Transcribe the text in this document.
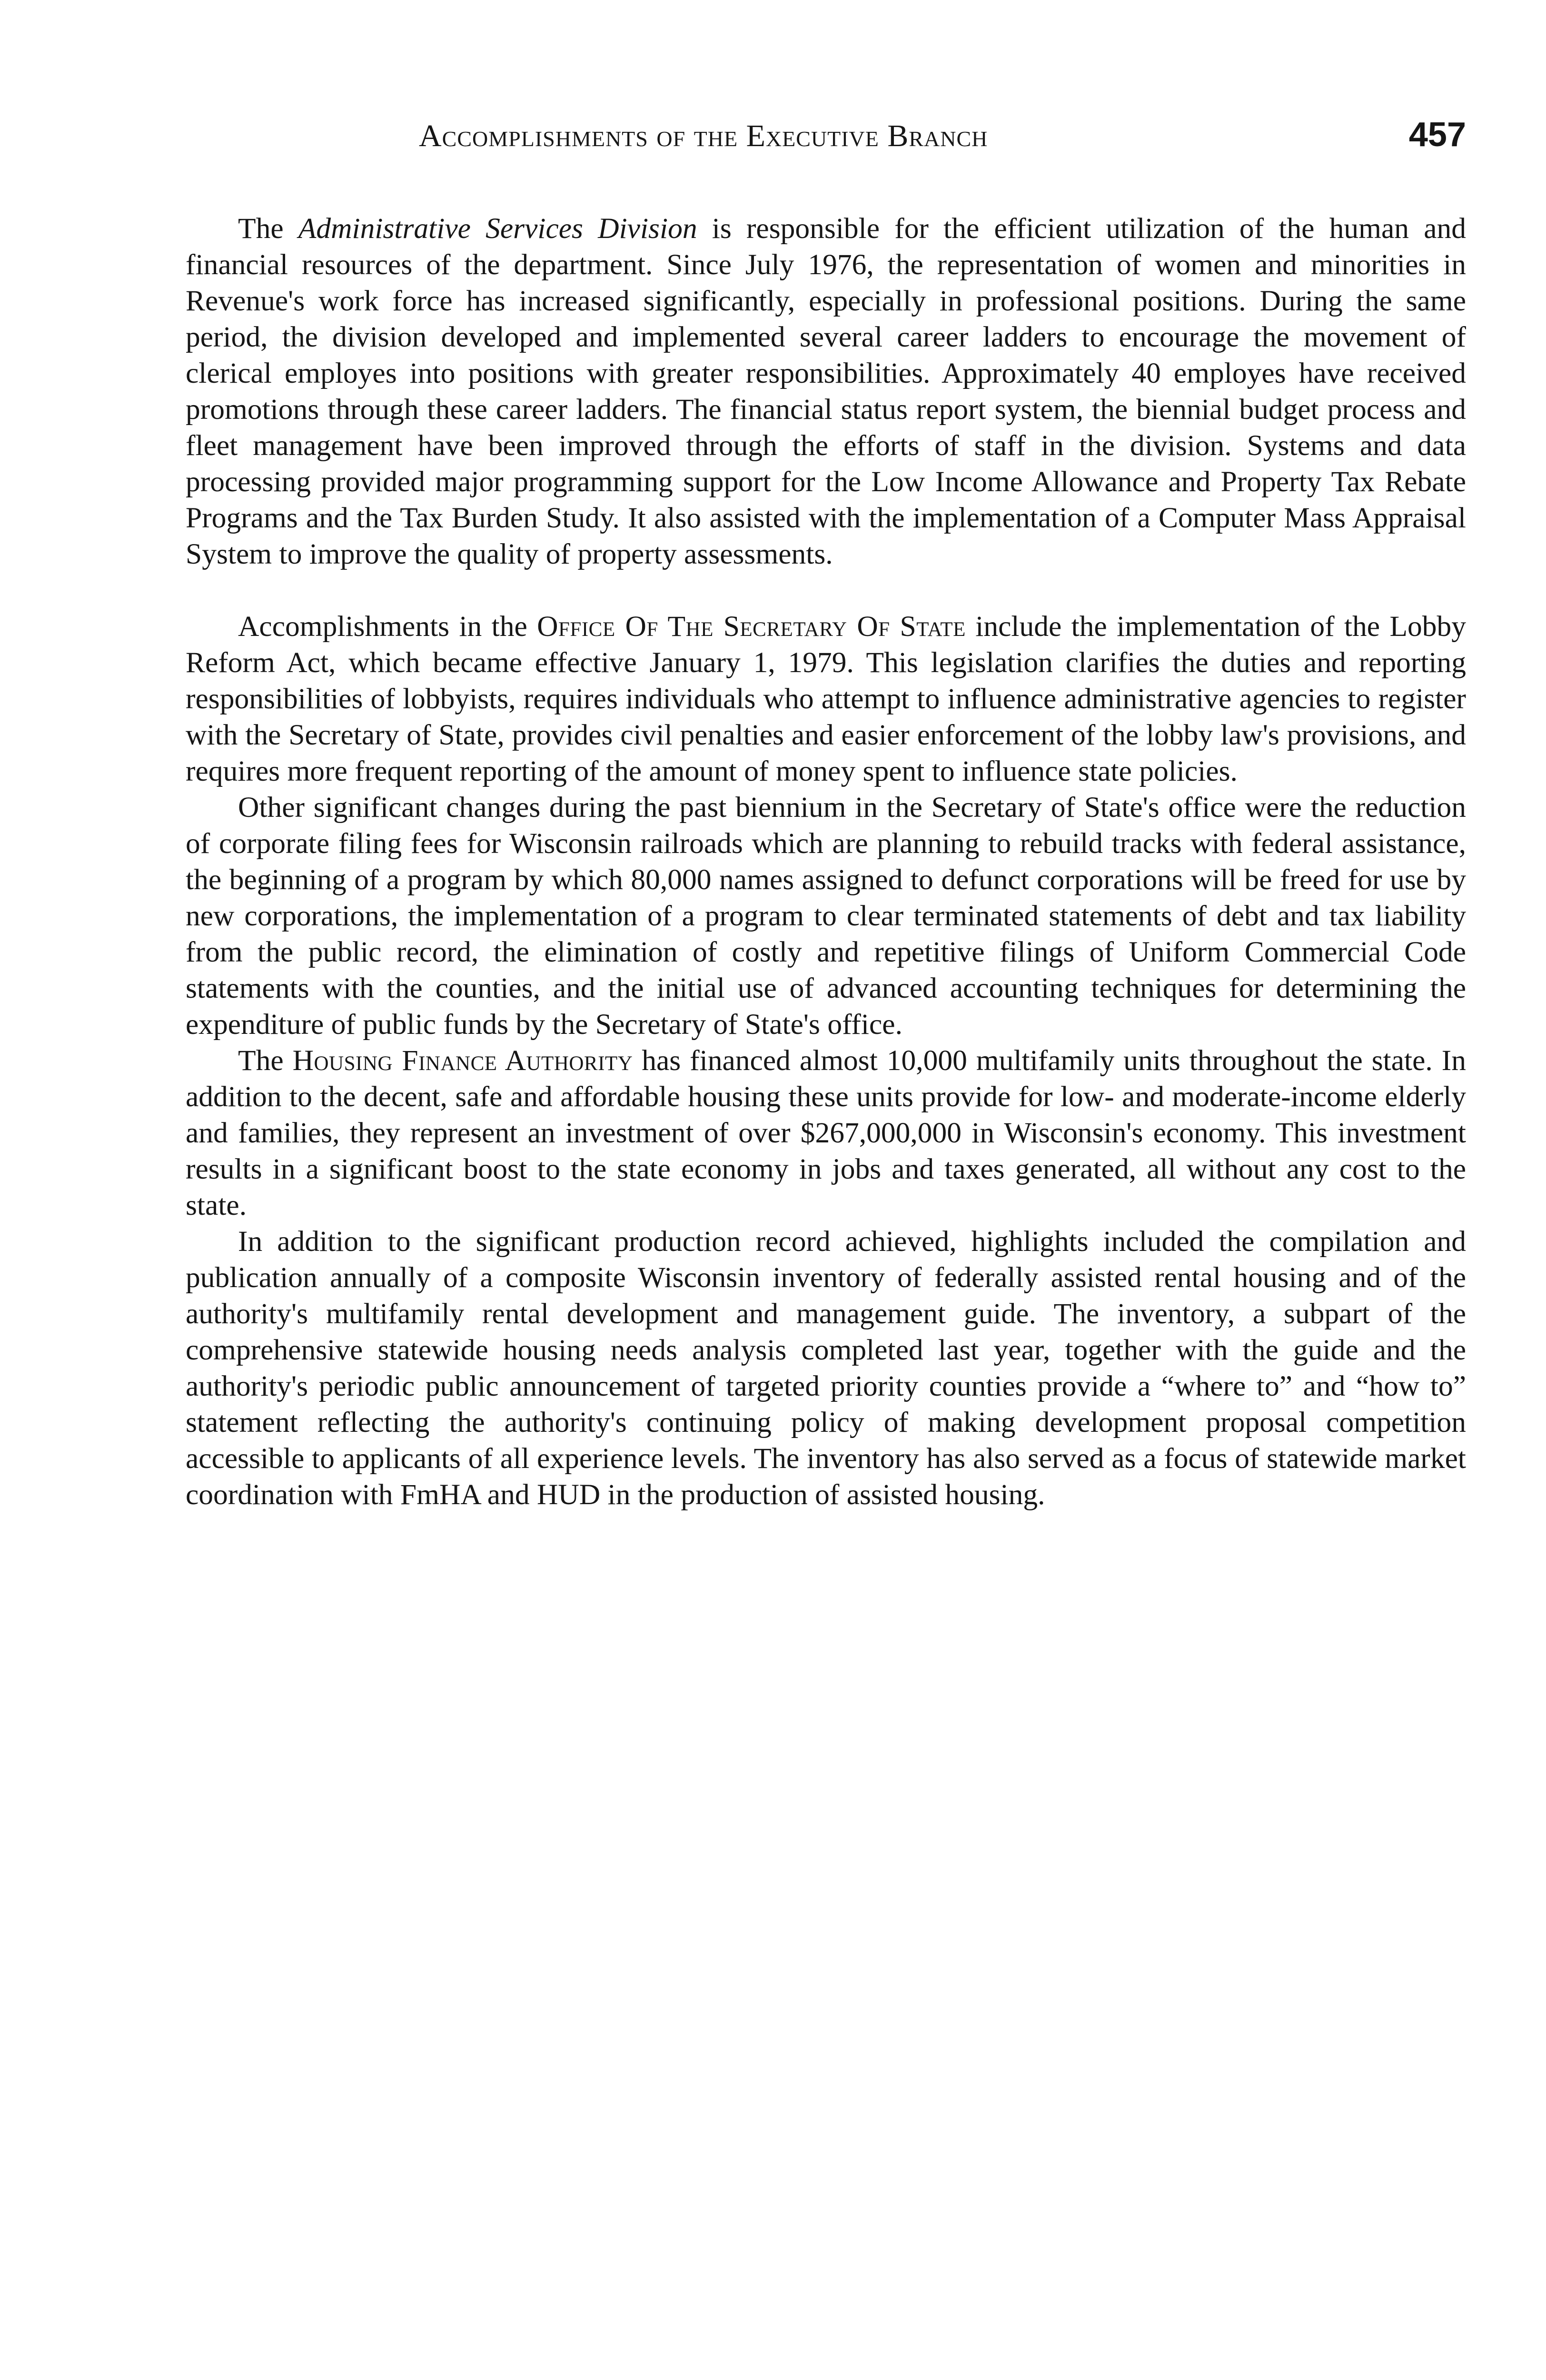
Accomplishments of the Executive Branch	457

The Administrative Services Division is responsible for the efficient utilization of the human and financial resources of the department. Since July 1976, the representation of women and minorities in Revenue's work force has increased significantly, especially in professional positions. During the same period, the division developed and implemented several career ladders to encourage the movement of clerical employes into positions with greater responsibilities. Approximately 40 employes have received promotions through these career ladders. The financial status report system, the biennial budget process and fleet management have been improved through the efforts of staff in the division. Systems and data processing provided major programming support for the Low Income Allowance and Property Tax Rebate Programs and the Tax Burden Study. It also assisted with the implementation of a Computer Mass Appraisal System to improve the quality of property assessments.

Accomplishments in the Office Of The Secretary Of State include the implementation of the Lobby Reform Act, which became effective January 1, 1979. This legislation clarifies the duties and reporting responsibilities of lobbyists, requires individuals who attempt to influence administrative agencies to register with the Secretary of State, provides civil penalties and easier enforcement of the lobby law's provisions, and requires more frequent reporting of the amount of money spent to influence state policies.

Other significant changes during the past biennium in the Secretary of State's office were the reduction of corporate filing fees for Wisconsin railroads which are planning to rebuild tracks with federal assistance, the beginning of a program by which 80,000 names assigned to defunct corporations will be freed for use by new corporations, the implementation of a program to clear terminated statements of debt and tax liability from the public record, the elimination of costly and repetitive filings of Uniform Commercial Code statements with the counties, and the initial use of advanced accounting techniques for determining the expenditure of public funds by the Secretary of State's office.

The Housing Finance Authority has financed almost 10,000 multifamily units throughout the state. In addition to the decent, safe and affordable housing these units provide for low- and moderate-income elderly and families, they represent an investment of over $267,000,000 in Wisconsin's economy. This investment results in a significant boost to the state economy in jobs and taxes generated, all without any cost to the state.

In addition to the significant production record achieved, highlights included the compilation and publication annually of a composite Wisconsin inventory of federally assisted rental housing and of the authority's multifamily rental development and management guide. The inventory, a subpart of the comprehensive statewide housing needs analysis completed last year, together with the guide and the authority's periodic public announcement of targeted priority counties provide a “where to” and “how to” statement reflecting the authority's continuing policy of making development proposal competition accessible to applicants of all experience levels. The inventory has also served as a focus of statewide market coordination with FmHA and HUD in the production of assisted housing.
